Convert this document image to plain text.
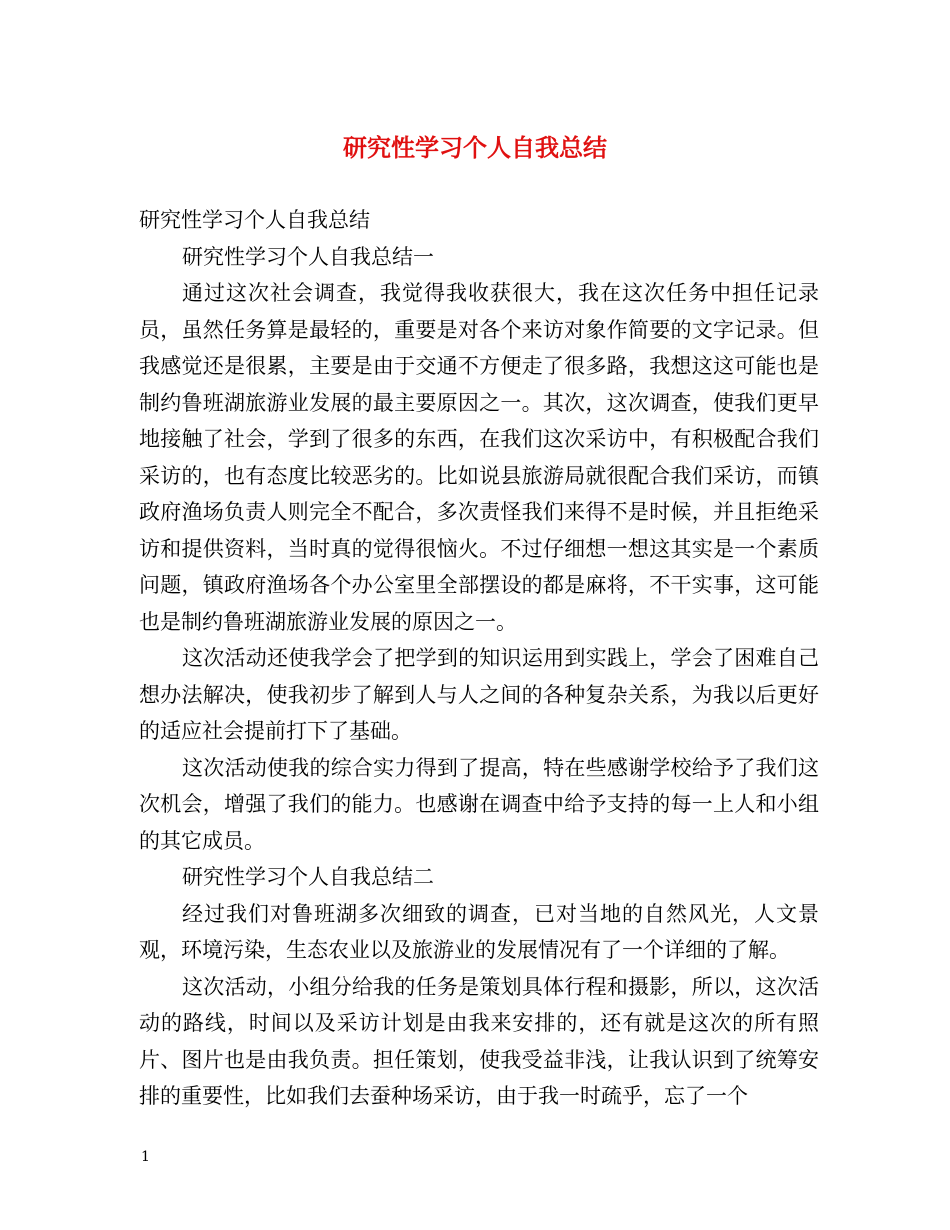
研究性学习个人自我总结

研究性学习个人自我总结

研究性学习个人自我总结一

通过这次社会调查，我觉得我收获很大，我在这次任务中担任记录员，虽然任务算是最轻的，重要是对各个来访对象作简要的文字记录。但我感觉还是很累，主要是由于交通不方便走了很多路，我想这这可能也是制约鲁班湖旅游业发展的最主要原因之一。其次，这次调查，使我们更早地接触了社会，学到了很多的东西，在我们这次采访中，有积极配合我们采访的，也有态度比较恶劣的。比如说县旅游局就很配合我们采访，而镇政府渔场负责人则完全不配合，多次责怪我们来得不是时候，并且拒绝采访和提供资料，当时真的觉得很恼火。不过仔细想一想这其实是一个素质问题，镇政府渔场各个办公室里全部摆设的都是麻将，不干实事，这可能也是制约鲁班湖旅游业发展的原因之一。

这次活动还使我学会了把学到的知识运用到实践上，学会了困难自己想办法解决，使我初步了解到人与人之间的各种复杂关系，为我以后更好的适应社会提前打下了基础。

这次活动使我的综合实力得到了提高，特在些感谢学校给予了我们这次机会，增强了我们的能力。也感谢在调查中给予支持的每一上人和小组的其它成员。

研究性学习个人自我总结二

经过我们对鲁班湖多次细致的调查，已对当地的自然风光，人文景观，环境污染，生态农业以及旅游业的发展情况有了一个详细的了解。

这次活动，小组分给我的任务是策划具体行程和摄影，所以，这次活动的路线，时间以及采访计划是由我来安排的，还有就是这次的所有照片、图片也是由我负责。担任策划，使我受益非浅，让我认识到了统筹安排的重要性，比如我们去蚕种场采访，由于我一时疏乎，忘了一个

1
